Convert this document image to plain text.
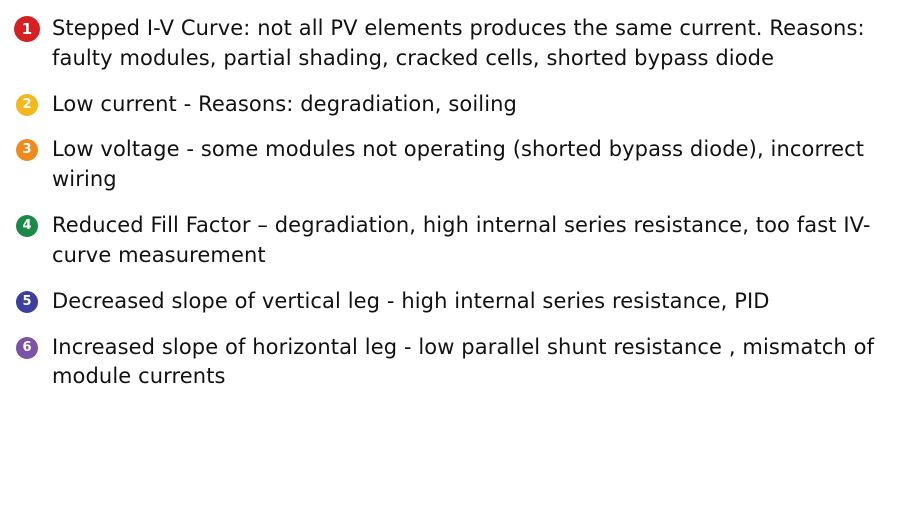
1 Stepped I-V Curve: not all PV elements produces the same current. Reasons: faulty modules, partial shading, cracked cells, shorted bypass diode
2 Low current - Reasons: degradiation, soiling
3 Low voltage - some modules not operating (shorted bypass diode), incorrect wiring
4 Reduced Fill Factor – degradiation, high internal series resistance, too fast IV-curve measurement
5 Decreased slope of vertical leg - high internal series resistance, PID
6 Increased slope of horizontal leg - low parallel shunt resistance , mismatch of module currents
